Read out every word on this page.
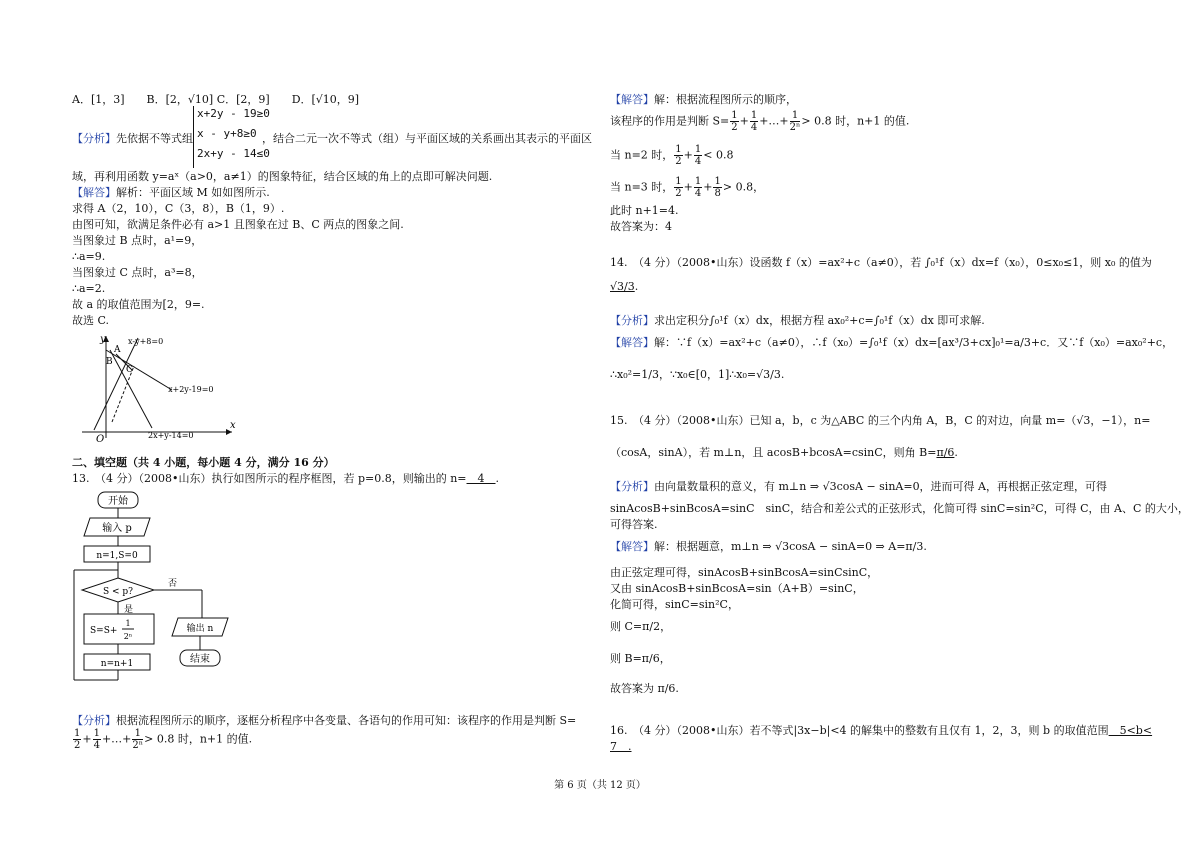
A．[1，3]　　B．[2，√10] C．[2，9]　　D．[√10，9]
【分析】先依据不等式组
x+2y - 19≥0
x - y+8≥0
2x+y - 14≤0
，结合二元一次不等式（组）与平面区域的关系画出其表示的平面区
域，再利用函数 y=aˣ（a>0，a≠1）的图象特征，结合区域的角上的点即可解决问题.
【解答】解析：平面区域 M 如如图所示.
求得 A（2，10），C（3，8），B（1，9）.
由图可知，欲满足条件必有 a>1 且图象在过 B、C 两点的图象之间.
当图象过 B 点时，a¹=9，
∴a=9.
当图象过 C 点时，a³=8，
∴a=2.
故 a 的取值范围为[2，9=.
故选 C.
y
x
O
A
B
C
x-y+8=0
x+2y-19=0
2x+y-14=0
二、填空题（共 4 小题，每小题 4 分，满分 16 分）
13.　（4 分）（2008•山东）执行如图所示的程序框图，若 p=0.8，则输出的 n=　4　.
开始
输入 p
n=1,S=0
S < p?
否
输出 n
结束
是
S=S+
1
2ⁿ
n=n+1
【分析】根据流程图所示的顺序，逐框分析程序中各变量、各语句的作用可知：该程序的作用是判断 S=
$\frac{1}{2} + \frac{1}{4}$ +…+ $\frac{1}{\text{2ⁿ}} > 0.8$ 时，n+1 的值.
【解答】解：根据流程图所示的顺序，
该程序的作用是判断 $S= \frac{1}{2} + \frac{1}{4}$ +…+ $\frac{1}{\text{2ⁿ}} > 0.8$ 时，n+1 的值.
当 n=2 时， $\frac{1}{2} + \frac{1}{4} < 0.8$
当 n=3 时， $\frac{1}{2} + \frac{1}{4} + \frac{1}{8} > 0.8$，
此时 n+1=4.
故答案为：4
14.　（4 分）（2008•山东）设函数 f（x）=ax²+c（a≠0），若 ∫₀¹f（x）dx=f（x₀），0≤x₀≤1，则 x₀ 的值为
√3/3.
【分析】求出定积分∫₀¹f（x）dx，根据方程 ax₀²+c=∫₀¹f（x）dx 即可求解.
【解答】解：∵f（x）=ax²+c（a≠0），∴f（x₀）=∫₀¹f（x）dx=[ax³/3+cx]₀¹=a/3+c．又∵f（x₀）=ax₀²+c，
∴x₀²=1/3，∵x₀∈[0，1]∴x₀=√3/3.
15.　（4 分）（2008•山东）已知 a，b，c 为△ABC 的三个内角 A，B，C 的对边，向量 m=（√3，−1），n=
（cosA，sinA），若 m⊥n，且 acosB+bcosA=csinC，则角 B=π/6.
【分析】由向量数量积的意义，有 m⊥n ⇒ √3cosA − sinA=0，进而可得 A，再根据正弦定理，可得
sinAcosB+sinBcosA=sinC　sinC，结合和差公式的正弦形式，化简可得 sinC=sin²C，可得 C，由 A、C 的大小，
可得答案.
【解答】解：根据题意，m⊥n ⇒ √3cosA − sinA=0 ⇒ A=π/3.
由正弦定理可得，sinAcosB+sinBcosA=sinCsinC，
又由 sinAcosB+sinBcosA=sin（A+B）=sinC，
化简可得，sinC=sin²C，
则 C=π/2，
则 B=π/6，
故答案为 π/6.
16.　（4 分）（2008•山东）若不等式|3x−b|<4 的解集中的整数有且仅有 1，2，3，则 b 的取值范围　5<b<
7　.
第 6 页（共 12 页）
